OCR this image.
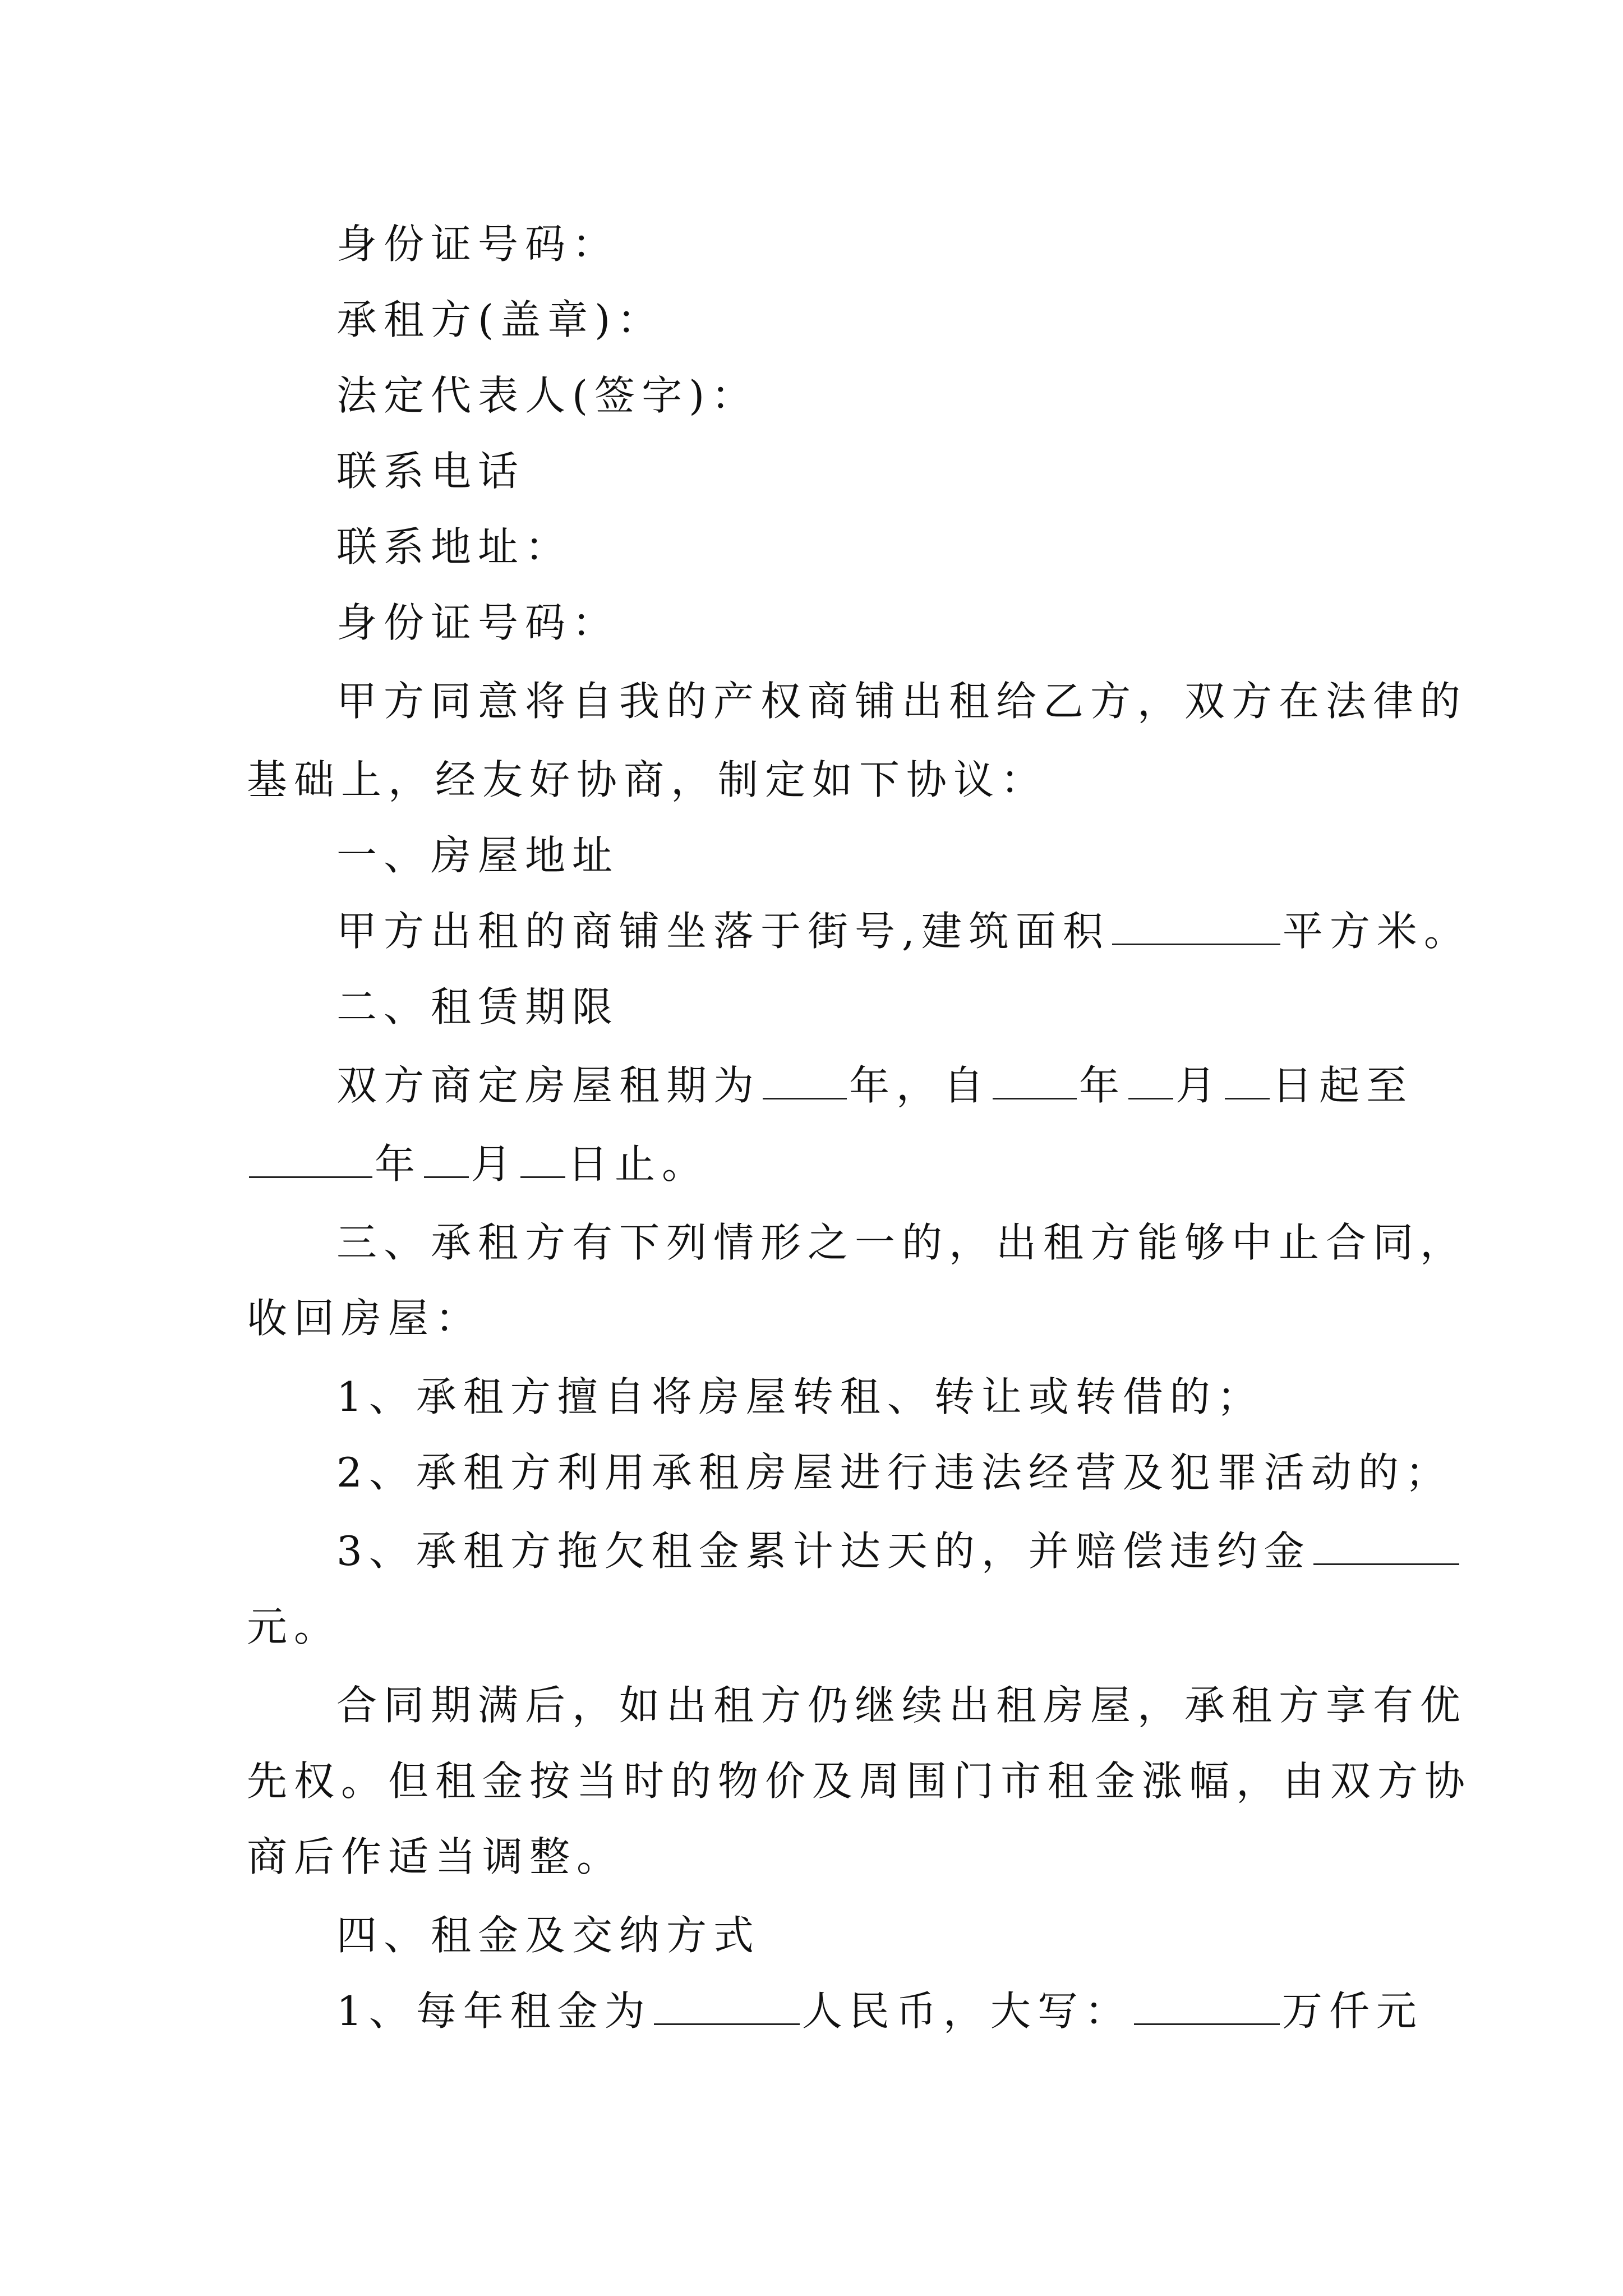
身份证号码：
承租方(盖章)：
法定代表人(签字)：
联系电话
联系地址：
身份证号码：
甲方同意将自我的产权商铺出租给乙方，双方在法律的
基础上，经友好协商，制定如下协议：
一、房屋地址
甲方出租的商铺坐落于街号,建筑面积	平方米。
二、租赁期限
双方商定房屋租期为 年，自 年 月 日起至
年 月 日止。
三、承租方有下列情形之一的，出租方能够中止合同，
收回房屋：
1、承租方擅自将房屋转租、转让或转借的；
2、承租方利用承租房屋进行违法经营及犯罪活动的；
3、承租方拖欠租金累计达天的，并赔偿违约金
元。
合同期满后，如出租方仍继续出租房屋，承租方享有优
先权。但租金按当时的物价及周围门市租金涨幅，由双方协
商后作适当调整。
四、租金及交纳方式
1、每年租金为	人民币，大写：	万仟元
